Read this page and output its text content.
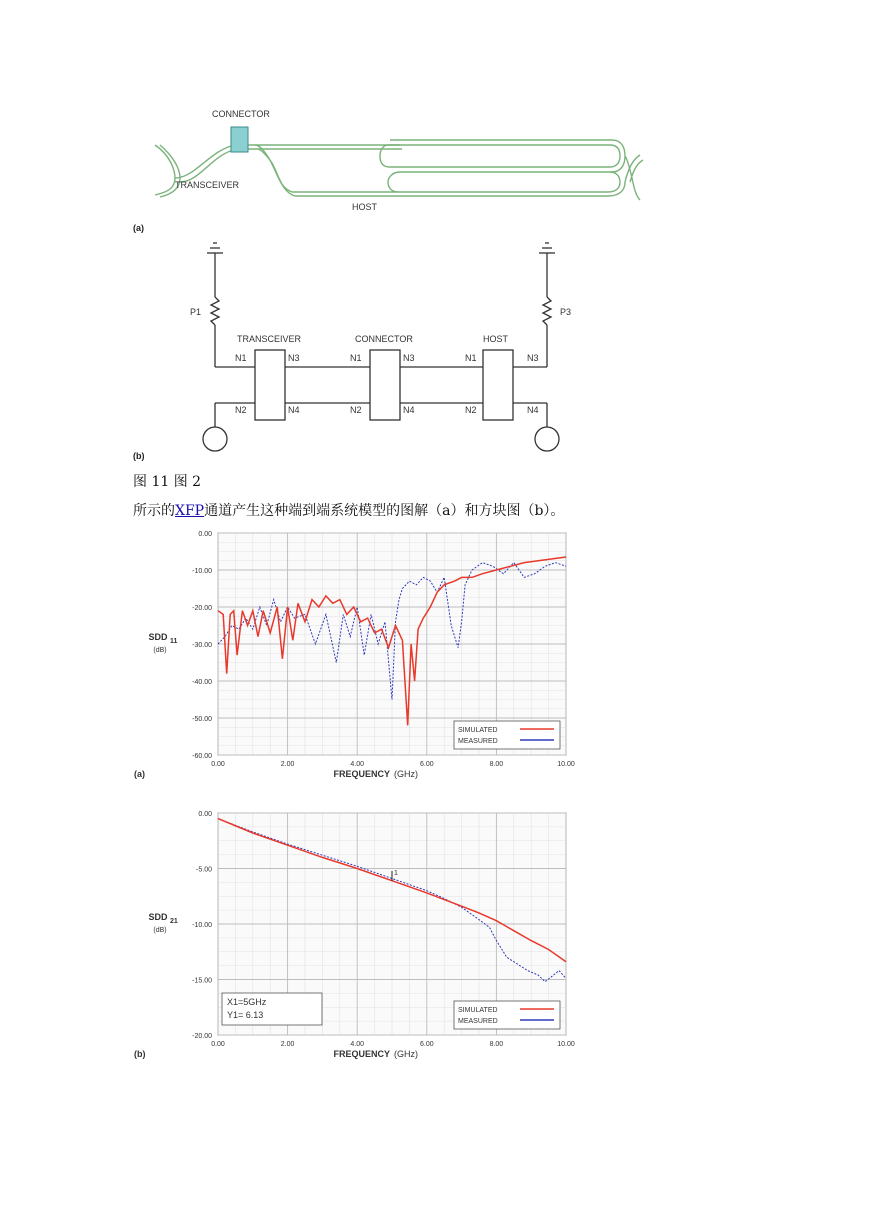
CONNECTOR
TRANSCEIVER
HOST
(a)
P1	P3
TRANSCEIVER	CONNECTOR	HOST
N1	N3
N2	N4
N1	N3
N2	N4
N1	N3
N2	N4
(b)
图 11 图 2
所示的XFP通道产生这种端到端系统模型的图解（a）和方块图（b）。
0.00	2.00	4.00	6.00	8.00	10.00
0.00
-10.00
-20.00
-30.00
-40.00
-50.00
-60.00
SDD 11
(dB)
FREQUENCY (GHz)
(a)
SIMULATED
MEASURED
0.00	2.00	4.00	6.00	8.00	10.00
0.00
-5.00
-10.00
-15.00
-20.00
SDD 21
(dB)
FREQUENCY (GHz)
(b)
SIMULATED
MEASURED
1
X1=5GHz
Y1= 6.13
